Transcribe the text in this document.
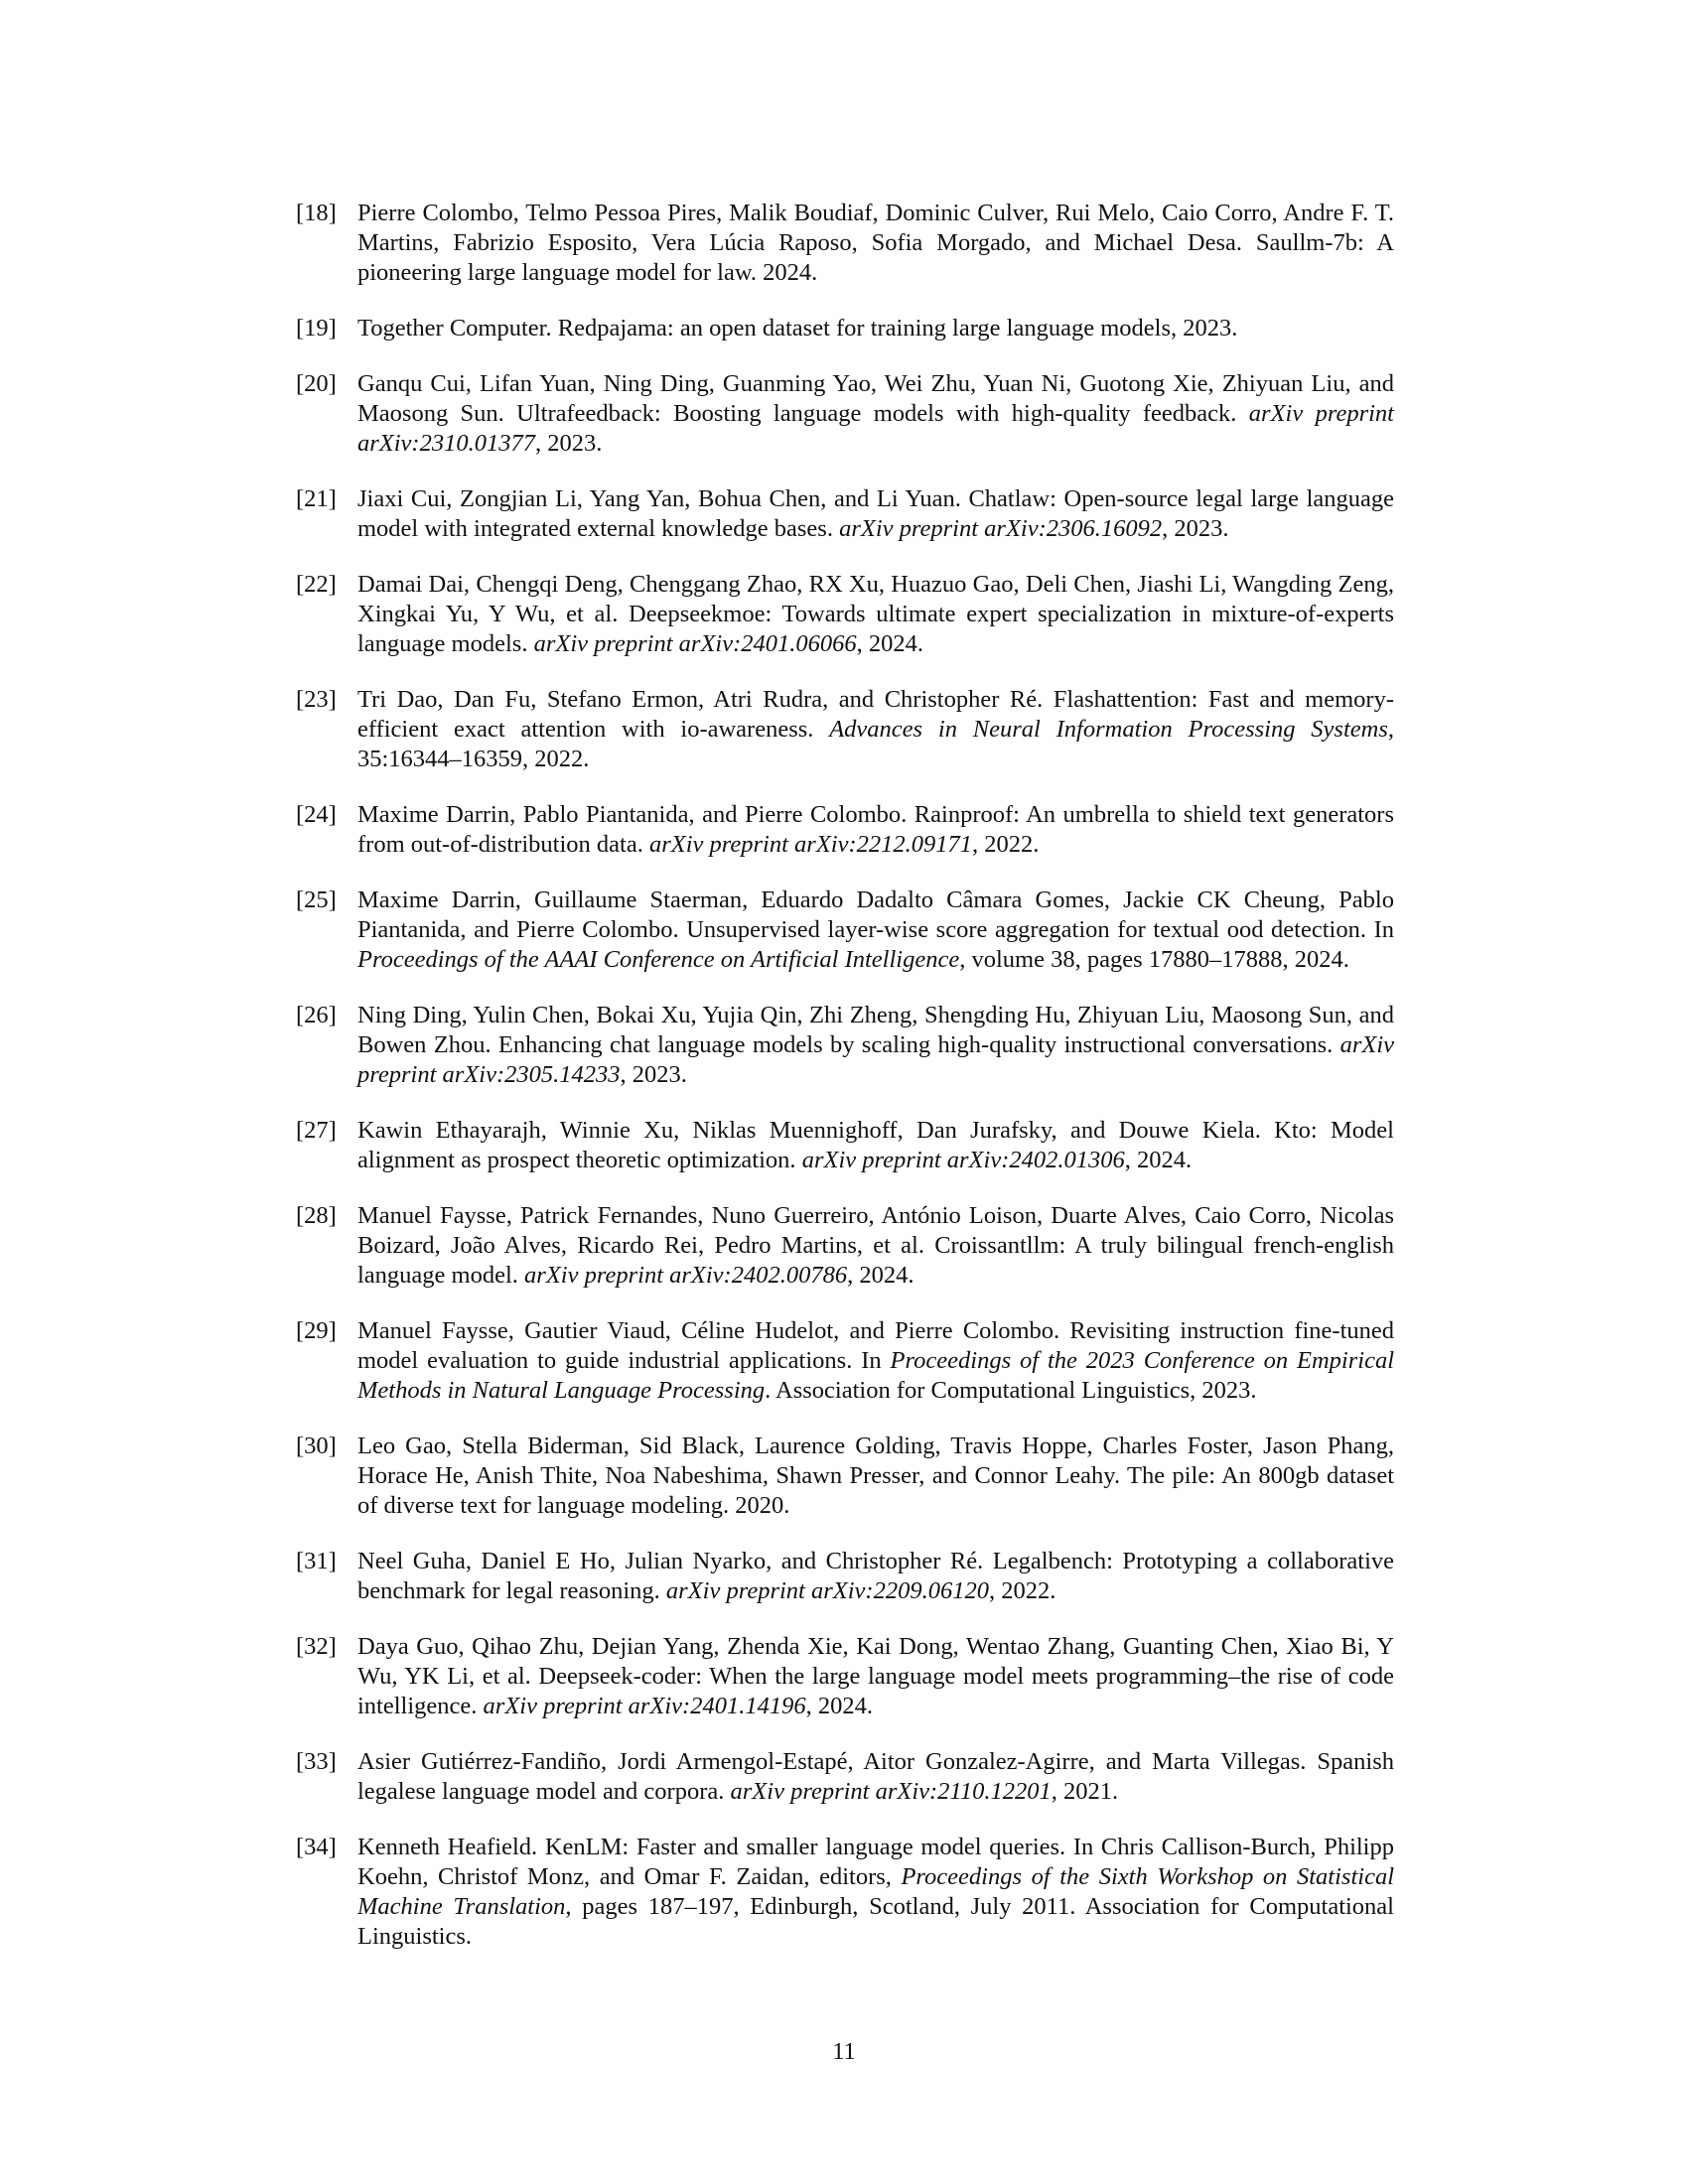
[18] Pierre Colombo, Telmo Pessoa Pires, Malik Boudiaf, Dominic Culver, Rui Melo, Caio Corro, Andre F. T. Martins, Fabrizio Esposito, Vera Lúcia Raposo, Sofia Morgado, and Michael Desa. Saullm-7b: A pioneering large language model for law. 2024.
[19] Together Computer. Redpajama: an open dataset for training large language models, 2023.
[20] Ganqu Cui, Lifan Yuan, Ning Ding, Guanming Yao, Wei Zhu, Yuan Ni, Guotong Xie, Zhiyuan Liu, and Maosong Sun. Ultrafeedback: Boosting language models with high-quality feedback. arXiv preprint arXiv:2310.01377, 2023.
[21] Jiaxi Cui, Zongjian Li, Yang Yan, Bohua Chen, and Li Yuan. Chatlaw: Open-source legal large language model with integrated external knowledge bases. arXiv preprint arXiv:2306.16092, 2023.
[22] Damai Dai, Chengqi Deng, Chenggang Zhao, RX Xu, Huazuo Gao, Deli Chen, Jiashi Li, Wangding Zeng, Xingkai Yu, Y Wu, et al. Deepseekmoe: Towards ultimate expert specialization in mixture-of-experts language models. arXiv preprint arXiv:2401.06066, 2024.
[23] Tri Dao, Dan Fu, Stefano Ermon, Atri Rudra, and Christopher Ré. Flashattention: Fast and memory-efficient exact attention with io-awareness. Advances in Neural Information Processing Systems, 35:16344–16359, 2022.
[24] Maxime Darrin, Pablo Piantanida, and Pierre Colombo. Rainproof: An umbrella to shield text generators from out-of-distribution data. arXiv preprint arXiv:2212.09171, 2022.
[25] Maxime Darrin, Guillaume Staerman, Eduardo Dadalto Câmara Gomes, Jackie CK Cheung, Pablo Piantanida, and Pierre Colombo. Unsupervised layer-wise score aggregation for textual ood detection. In Proceedings of the AAAI Conference on Artificial Intelligence, volume 38, pages 17880–17888, 2024.
[26] Ning Ding, Yulin Chen, Bokai Xu, Yujia Qin, Zhi Zheng, Shengding Hu, Zhiyuan Liu, Maosong Sun, and Bowen Zhou. Enhancing chat language models by scaling high-quality instructional conversations. arXiv preprint arXiv:2305.14233, 2023.
[27] Kawin Ethayarajh, Winnie Xu, Niklas Muennighoff, Dan Jurafsky, and Douwe Kiela. Kto: Model alignment as prospect theoretic optimization. arXiv preprint arXiv:2402.01306, 2024.
[28] Manuel Faysse, Patrick Fernandes, Nuno Guerreiro, António Loison, Duarte Alves, Caio Corro, Nicolas Boizard, João Alves, Ricardo Rei, Pedro Martins, et al. Croissantllm: A truly bilingual french-english language model. arXiv preprint arXiv:2402.00786, 2024.
[29] Manuel Faysse, Gautier Viaud, Céline Hudelot, and Pierre Colombo. Revisiting instruction fine-tuned model evaluation to guide industrial applications. In Proceedings of the 2023 Conference on Empirical Methods in Natural Language Processing. Association for Computational Linguistics, 2023.
[30] Leo Gao, Stella Biderman, Sid Black, Laurence Golding, Travis Hoppe, Charles Foster, Jason Phang, Horace He, Anish Thite, Noa Nabeshima, Shawn Presser, and Connor Leahy. The pile: An 800gb dataset of diverse text for language modeling. 2020.
[31] Neel Guha, Daniel E Ho, Julian Nyarko, and Christopher Ré. Legalbench: Prototyping a collaborative benchmark for legal reasoning. arXiv preprint arXiv:2209.06120, 2022.
[32] Daya Guo, Qihao Zhu, Dejian Yang, Zhenda Xie, Kai Dong, Wentao Zhang, Guanting Chen, Xiao Bi, Y Wu, YK Li, et al. Deepseek-coder: When the large language model meets programming–the rise of code intelligence. arXiv preprint arXiv:2401.14196, 2024.
[33] Asier Gutiérrez-Fandiño, Jordi Armengol-Estapé, Aitor Gonzalez-Agirre, and Marta Villegas. Spanish legalese language model and corpora. arXiv preprint arXiv:2110.12201, 2021.
[34] Kenneth Heafield. KenLM: Faster and smaller language model queries. In Chris Callison-Burch, Philipp Koehn, Christof Monz, and Omar F. Zaidan, editors, Proceedings of the Sixth Workshop on Statistical Machine Translation, pages 187–197, Edinburgh, Scotland, July 2011. Association for Computational Linguistics.
11
